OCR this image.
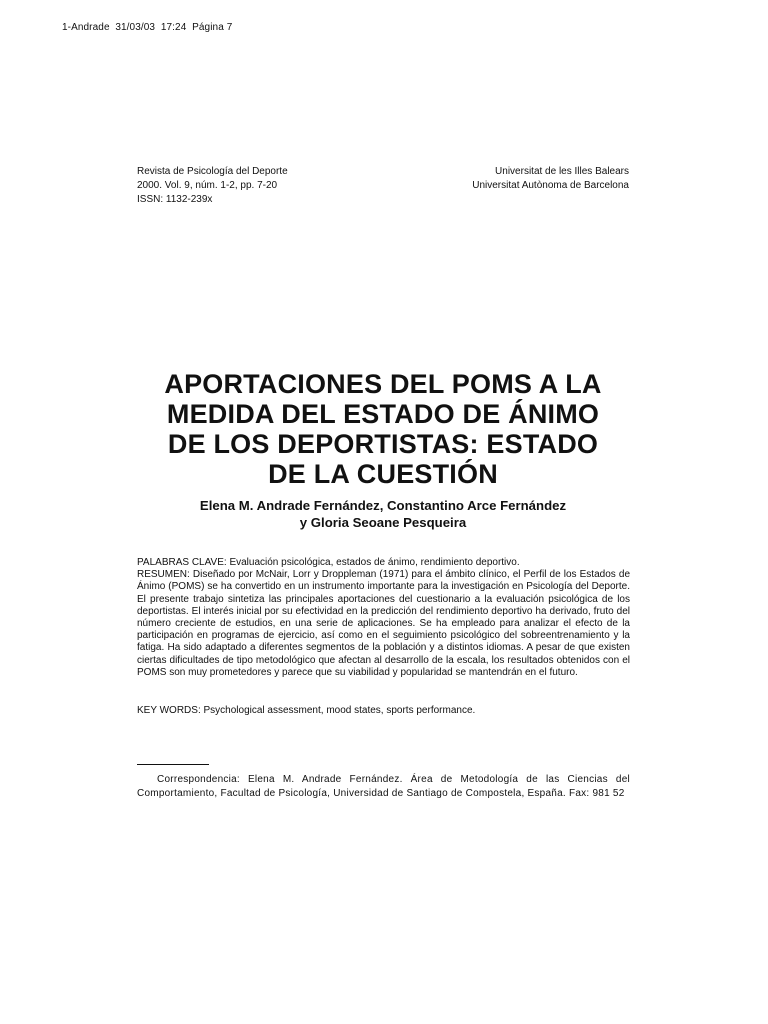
1-Andrade  31/03/03  17:24  Página 7
Revista de Psicología del Deporte
2000. Vol. 9, núm. 1-2, pp. 7-20
ISSN: 1132-239x
Universitat de les Illes Balears
Universitat Autònoma de Barcelona
APORTACIONES DEL POMS A LA
MEDIDA DEL ESTADO DE ÁNIMO
DE LOS DEPORTISTAS: ESTADO
DE LA CUESTIÓN
Elena M. Andrade Fernández, Constantino Arce Fernández
y Gloria Seoane Pesqueira
PALABRAS CLAVE: Evaluación psicológica, estados de ánimo, rendimiento deportivo.
RESUMEN: Diseñado por McNair, Lorr y Droppleman (1971) para el ámbito clínico, el Perfil de los Estados de Ánimo (POMS) se ha convertido en un instrumento importante para la investigación en Psicología del Deporte. El presente trabajo sintetiza las principales aportaciones del cuestionario a la evaluación psicológica de los deportistas. El interés inicial por su efectividad en la predicción del rendimiento deportivo ha derivado, fruto del número creciente de estudios, en una serie de aplicaciones. Se ha empleado para analizar el efecto de la participación en programas de ejercicio, así como en el seguimiento psicológico del sobreentrenamiento y la fatiga. Ha sido adaptado a diferentes segmentos de la población y a distintos idiomas. A pesar de que existen ciertas dificultades de tipo metodológico que afectan al desarrollo de la escala, los resultados obtenidos con el POMS son muy prometedores y parece que su viabilidad y popularidad se mantendrán en el futuro.
KEY WORDS: Psychological assessment, mood states, sports performance.
Correspondencia: Elena M. Andrade Fernández. Área de Metodología de las Ciencias del Comportamiento, Facultad de Psicología, Universidad de Santiago de Compostela, España. Fax: 981 52
